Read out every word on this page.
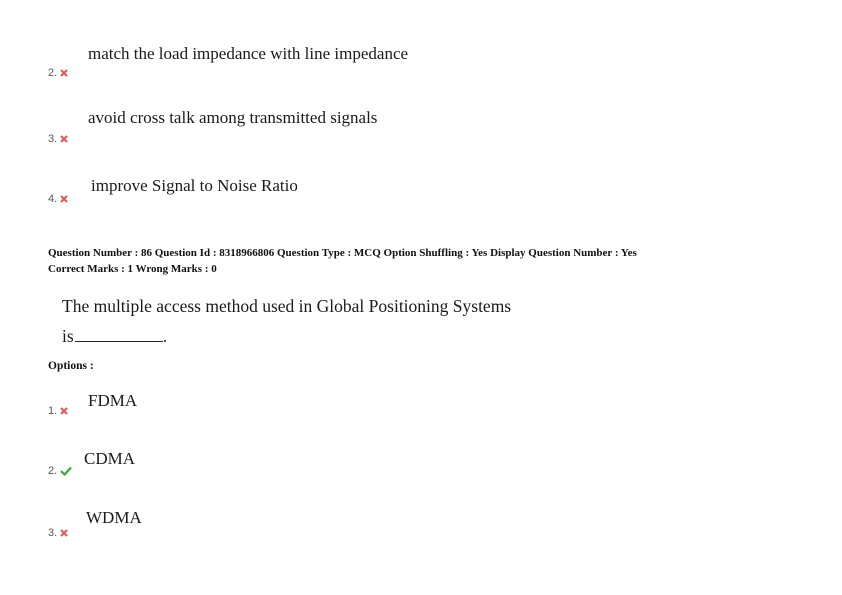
match the load impedance with line impedance
2.
avoid cross talk among transmitted signals
3.
improve Signal to Noise Ratio
4.
Question Number : 86 Question Id : 8318966806 Question Type : MCQ Option Shuffling : Yes Display Question Number : Yes
Correct Marks : 1 Wrong Marks : 0
The multiple access method used in Global Positioning Systems
is	.
Options :
FDMA
1.
CDMA
2.
WDMA
3.
